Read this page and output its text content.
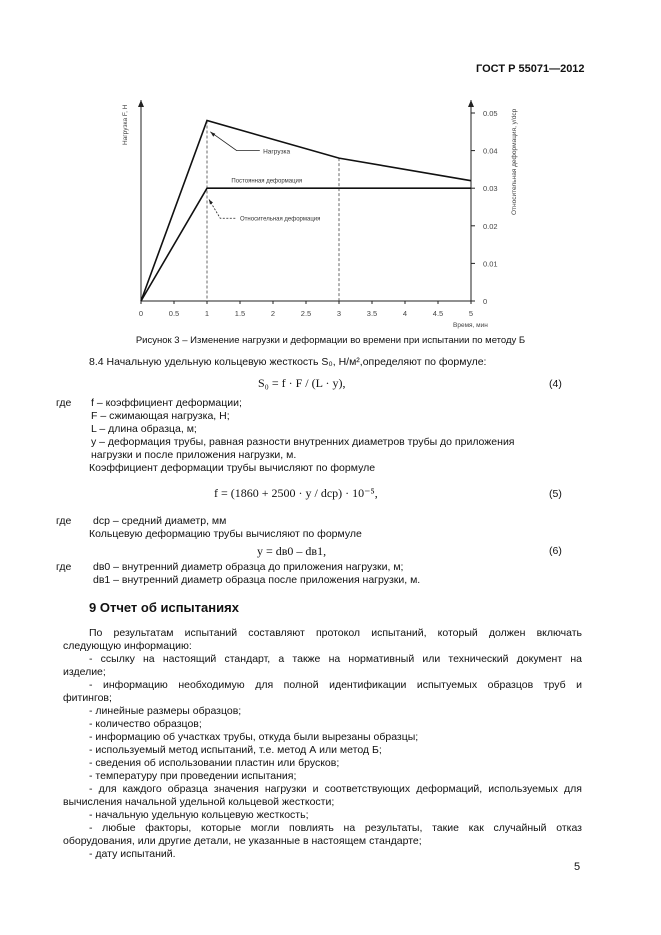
ГОСТ Р 55071—2012
0	0.5	1	1.5	2	2.5	3	3.5	4	4.5	5
0.05
0.04
0.03
0.02
0.01
0
Нагрузка F, Н	Относительная деформация, y/dср
Время, мин
Нагрузка
Постоянная деформация
Относительная деформация
Рисунок 3 – Изменение нагрузки и деформации во времени при испытании по методу Б
8.4 Начальную удельную кольцевую жесткость S₀, Н/м²,определяют по формуле:
S₀ = f · F / (L · y),	(4)
где f – коэффициент деформации;
F – сжимающая нагрузка, Н;
L – длина образца, м;
y – деформация трубы, равная разности внутренних диаметров трубы до приложения
нагрузки и после приложения нагрузки, м.
Коэффициент деформации трубы вычисляют по формуле
f = (1860 + 2500 · y / dср) · 10⁻⁵,	(5)
где dср – средний диаметр, мм
Кольцевую деформацию трубы вычисляют по формуле
y = dв0 – dв1,	(6)
где dв0 – внутренний диаметр образца до приложения нагрузки, м;
dв1 – внутренний диаметр образца после приложения нагрузки, м.
9 Отчет об испытаниях
По результатам испытаний составляют протокол испытаний, который должен включать
следующую информацию:
- ссылку на настоящий стандарт, а также на нормативный или технический документ на
изделие;
- информацию необходимую для полной идентификации испытуемых образцов труб и
фитингов;
- линейные размеры образцов;
- количество образцов;
- информацию об участках трубы, откуда были вырезаны образцы;
- используемый метод испытаний, т.е. метод А или метод Б;
- сведения об использовании пластин или брусков;
- температуру при проведении испытания;
- для каждого образца значения нагрузки и соответствующих деформаций, используемых для
вычисления начальной удельной кольцевой жесткости;
- начальную удельную кольцевую жесткость;
- любые факторы, которые могли повлиять на результаты, такие как случайный отказ
оборудования, или другие детали, не указанные в настоящем стандарте;
- дату испытаний.
5
